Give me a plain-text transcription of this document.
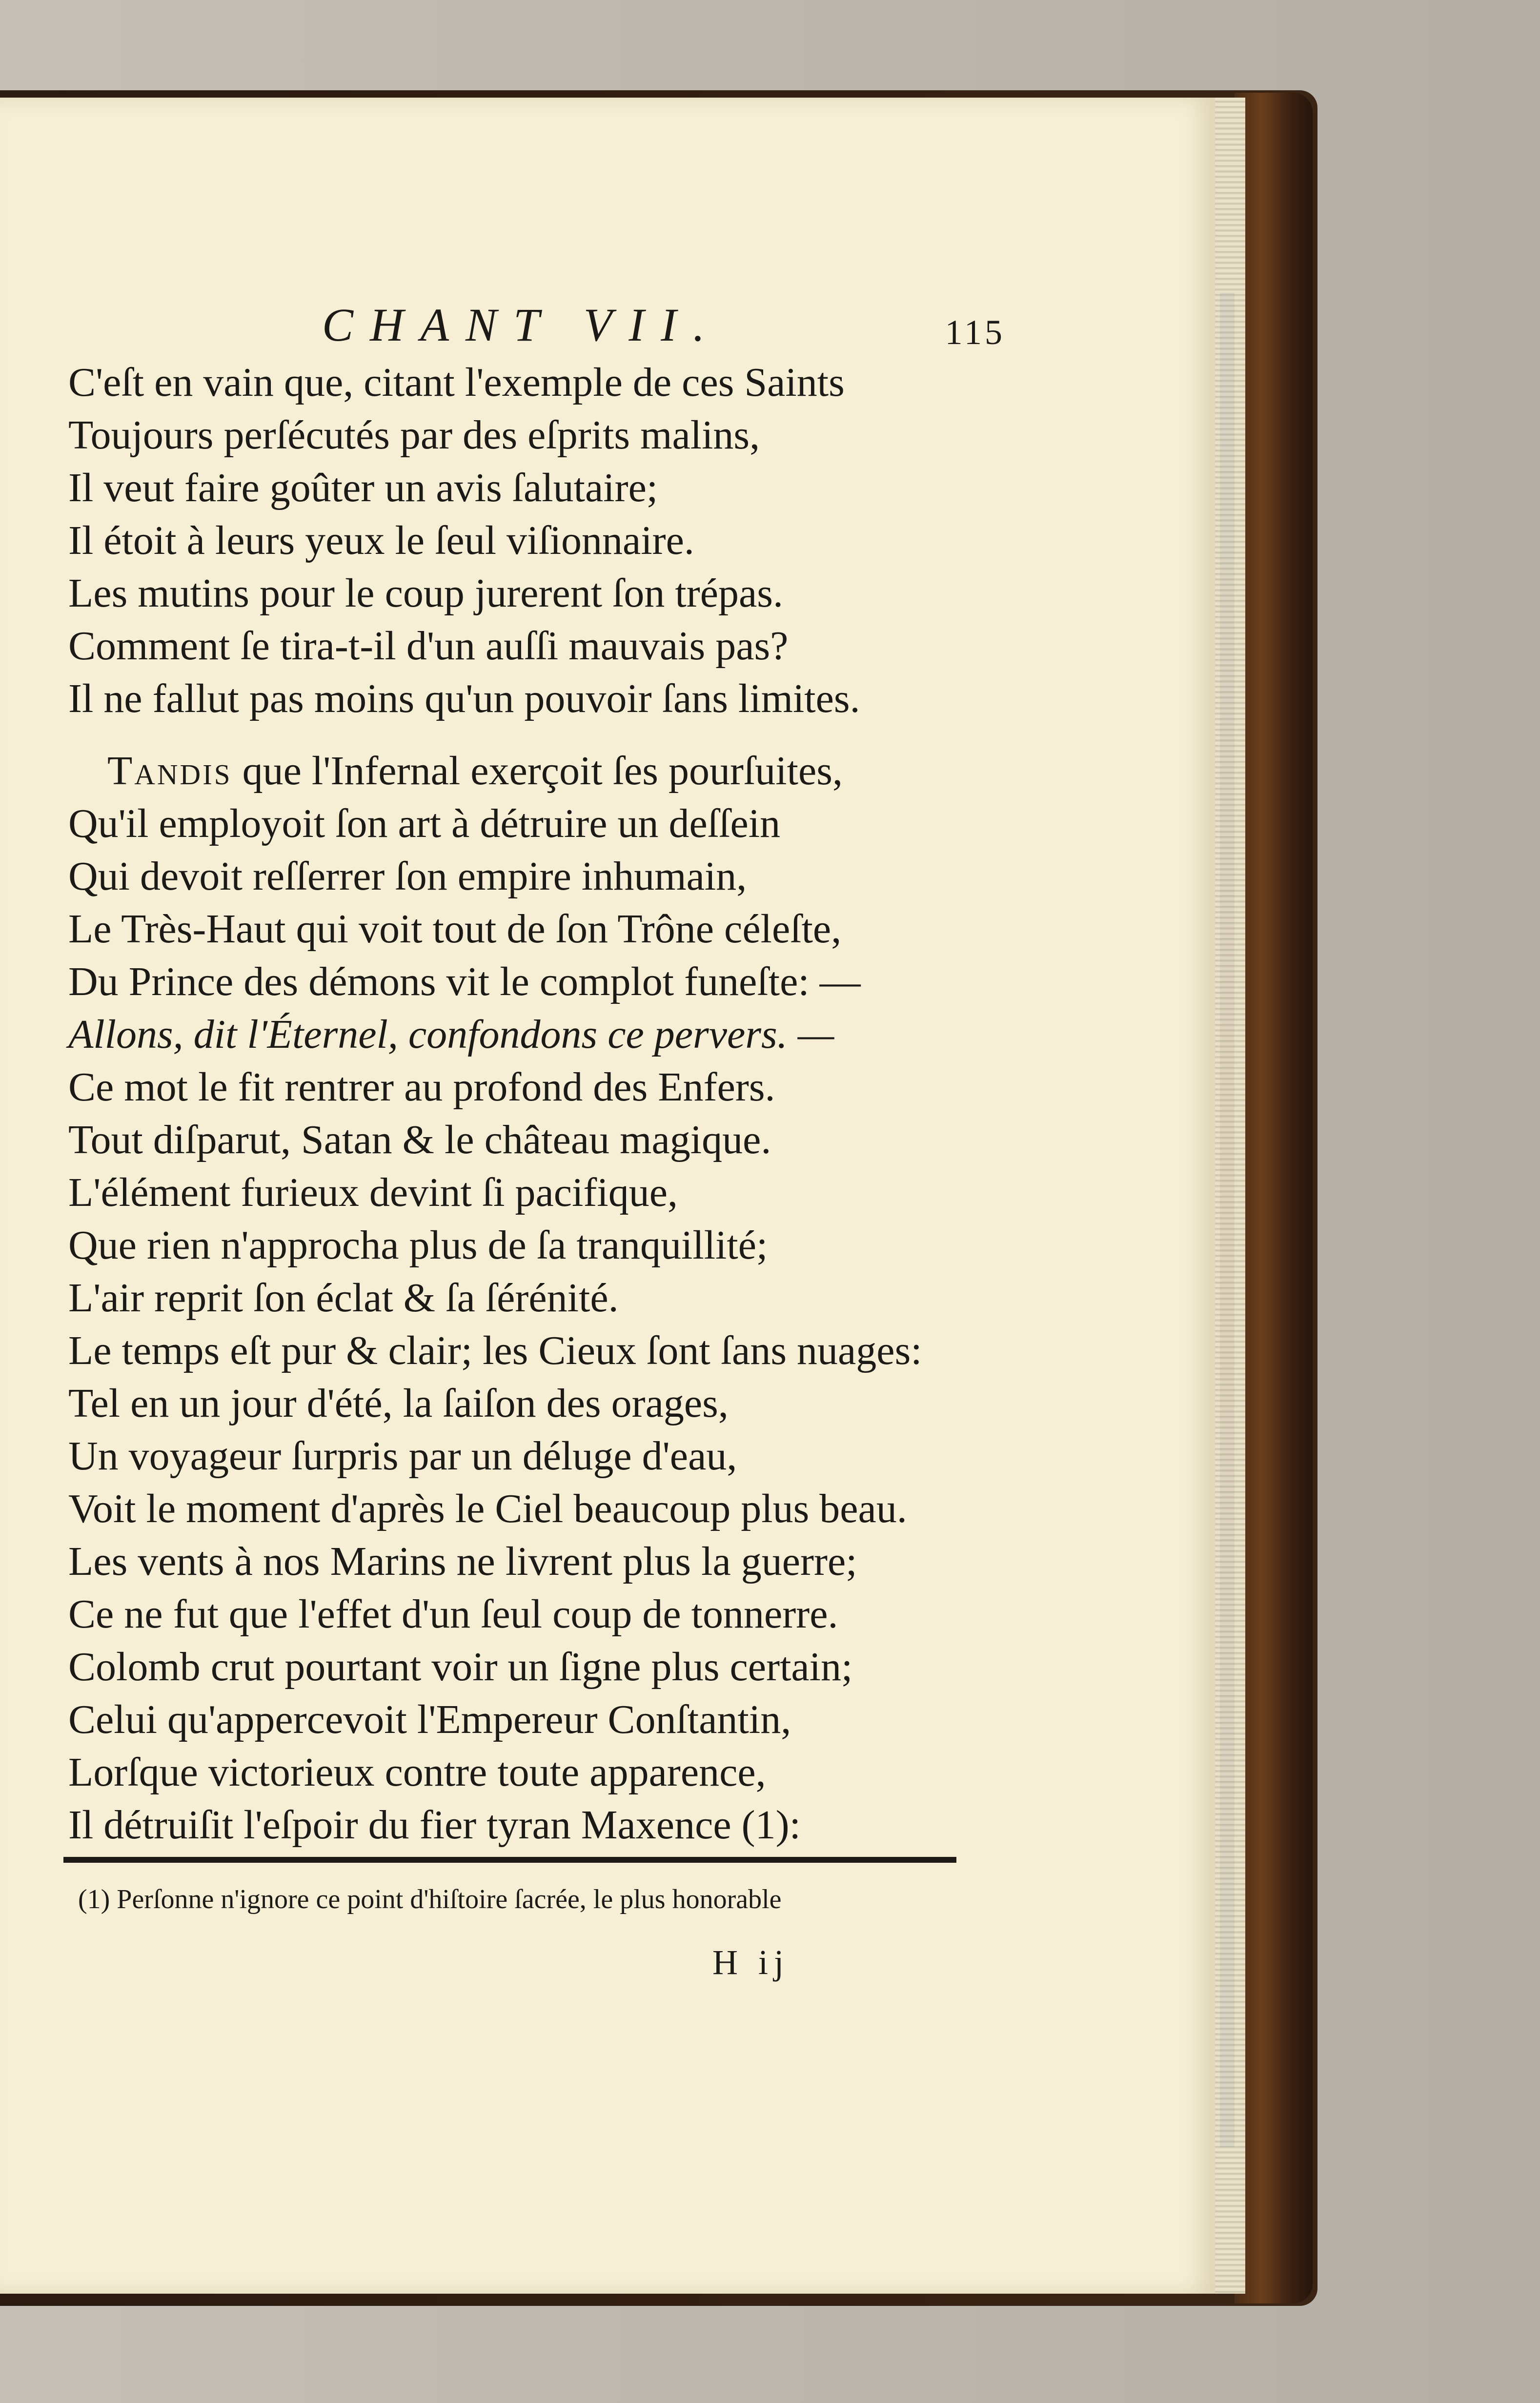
CHANT VII.	115
C'eſt en vain que, citant l'exemple de ces Saints
Toujours perſécutés par des eſprits malins,
Il veut faire goûter un avis ſalutaire;
Il étoit à leurs yeux le ſeul viſionnaire.
Les mutins pour le coup jurerent ſon trépas.
Comment ſe tira-t-il d'un auſſi mauvais pas?
Il ne fallut pas moins qu'un pouvoir ſans limites.
Tandis que l'Infernal exerçoit ſes pourſuites,
Qu'il employoit ſon art à détruire un deſſein
Qui devoit reſſerrer ſon empire inhumain,
Le Très-Haut qui voit tout de ſon Trône céleſte,
Du Prince des démons vit le complot funeſte: —
Allons, dit l'Éternel, confondons ce pervers. —
Ce mot le fit rentrer au profond des Enfers.
Tout diſparut, Satan & le château magique.
L'élément furieux devint ſi pacifique,
Que rien n'approcha plus de ſa tranquillité;
L'air reprit ſon éclat & ſa ſérénité.
Le temps eſt pur & clair; les Cieux ſont ſans nuages:
Tel en un jour d'été, la ſaiſon des orages,
Un voyageur ſurpris par un déluge d'eau,
Voit le moment d'après le Ciel beaucoup plus beau.
Les vents à nos Marins ne livrent plus la guerre;
Ce ne fut que l'effet d'un ſeul coup de tonnerre.
Colomb crut pourtant voir un ſigne plus certain;
Celui qu'appercevoit l'Empereur Conſtantin,
Lorſque victorieux contre toute apparence,
Il détruiſit l'eſpoir du fier tyran Maxence (1):
(1) Perſonne n'ignore ce point d'hiſtoire ſacrée, le plus honorable
H ij
